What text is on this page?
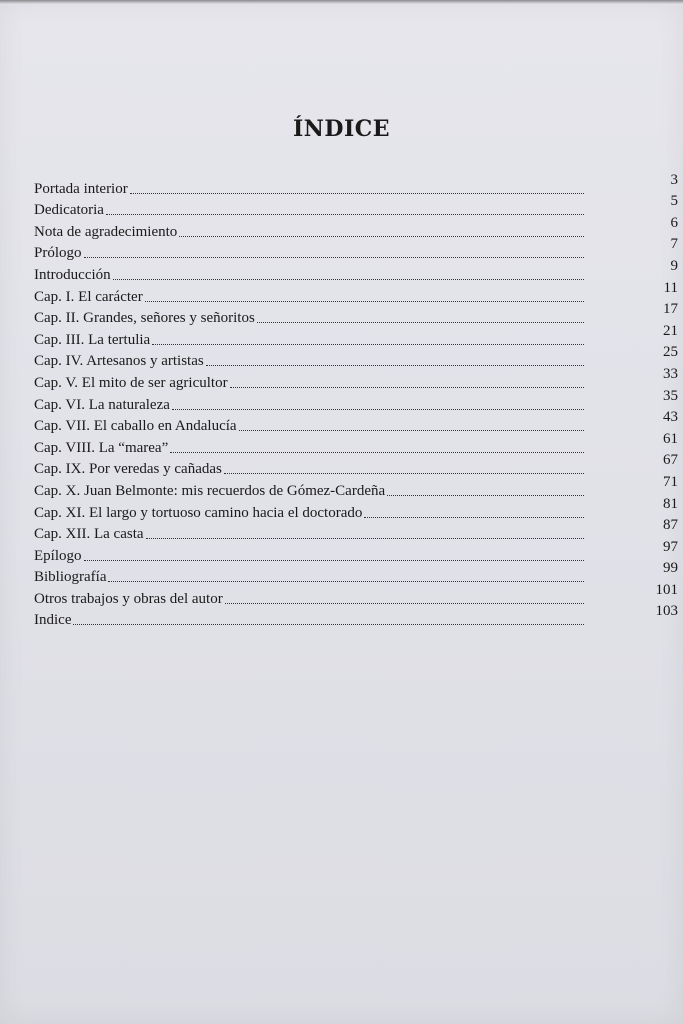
ÍNDICE
Portada interior
3
Dedicatoria
5
Nota de agradecimiento
6
Prólogo
7
Introducción
9
Cap. I. El carácter
11
Cap. II. Grandes, señores y señoritos
17
Cap. III. La tertulia
21
Cap. IV. Artesanos y artistas
25
Cap. V. El mito de ser agricultor
33
Cap. VI. La naturaleza
35
Cap. VII. El caballo en Andalucía
43
Cap. VIII. La “marea”
61
Cap. IX. Por veredas y cañadas
67
Cap. X. Juan Belmonte: mis recuerdos de Gómez-Cardeña
71
Cap. XI. El largo y tortuoso camino hacia el doctorado
81
Cap. XII. La casta
87
Epílogo
97
Bibliografía
99
Otros trabajos y obras del autor
101
Indice
103
